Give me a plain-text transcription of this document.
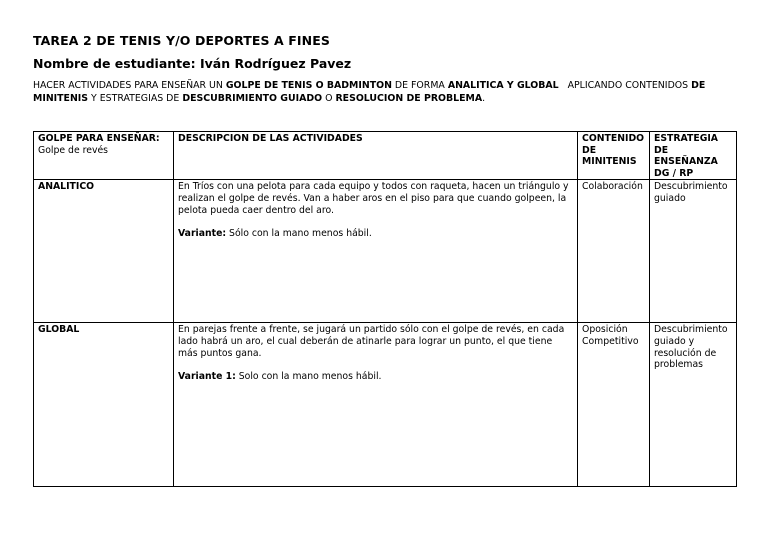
TAREA 2 DE TENIS Y/O DEPORTES A FINES
Nombre de estudiante: Iván Rodríguez Pavez
HACER ACTIVIDADES PARA ENSEÑAR UN GOLPE DE TENIS O BADMINTON DE FORMA ANALITICA Y GLOBAL   APLICANDO CONTENIDOS DE MINITENIS Y ESTRATEGIAS DE DESCUBRIMIENTO GUIADO O RESOLUCION DE PROBLEMA.
GOLPE PARA ENSEÑAR: Golpe de revés	DESCRIPCION DE LAS ACTIVIDADES	CONTENIDO DE MINITENIS	ESTRATEGIA DE ENSEÑANZA DG / RP
ANALITICO	En Tríos con una pelota para cada equipo y todos con raqueta, hacen un triángulo y realizan el golpe de revés. Van a haber aros en el piso para que cuando golpeen, la pelota pueda caer dentro del aro.
Variante: Sólo con la mano menos hábil.	Colaboración	Descubrimiento guiado
GLOBAL	En parejas frente a frente, se jugará un partido sólo con el golpe de revés, en cada lado habrá un aro, el cual deberán de atinarle para lograr un punto, el que tiene más puntos gana.
Variante 1: Solo con la mano menos hábil.	Oposición Competitivo	Descubrimiento guiado y resolución de problemas
